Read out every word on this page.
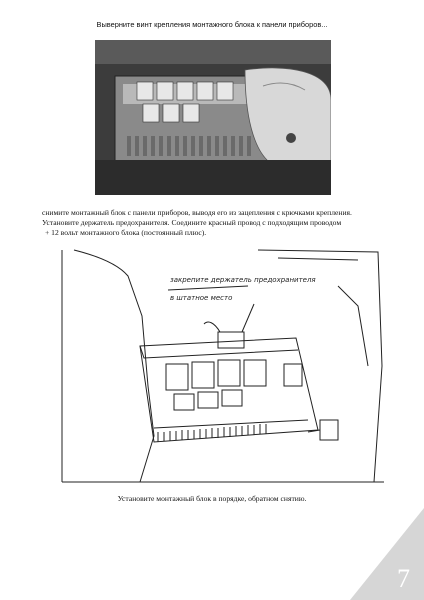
Выверните винт крепления монтажного блока к панели приборов...

снимите монтажный блок с панели приборов, выводя его из зацепления с крючками крепления.

Установите держатель предохранителя. Соедините красный провод с подходящим проводом

+ 12 вольт монтажного блока (постоянный плюс).

закрепите держатель предохранителя
в штатное место
Установите монтажный блок в порядке, обратном снятию.
7
